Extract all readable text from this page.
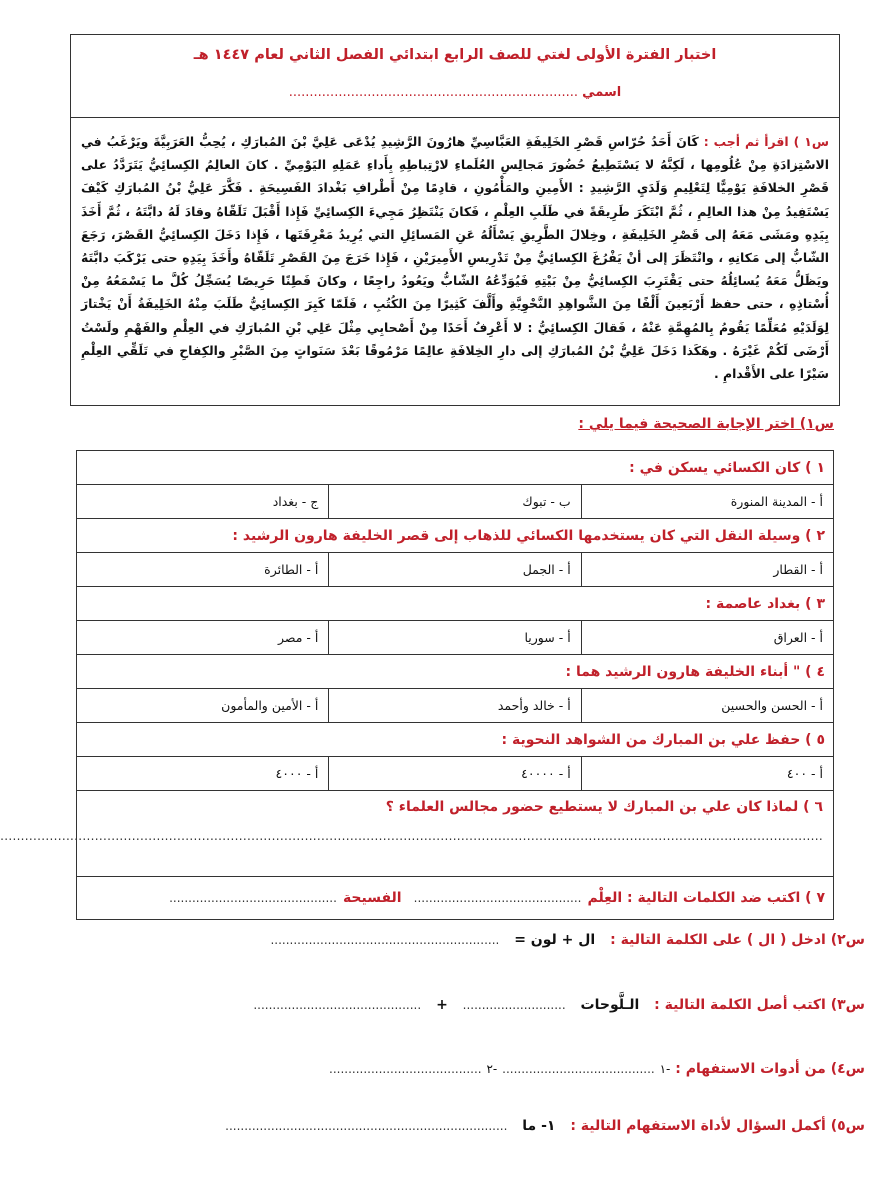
اختبار الفترة الأولى لغتي للصف الرابع ابتدائي الفصل الثاني لعام ١٤٤٧ هـ
اسمي ......................................................................

س١ ) اقرأ ثم أجب : كَانَ أَحَدُ حُرّاسِ قَصْرِ الخَلِيفَةِ العَبَّاسِيِّ هارُونَ الرَّشِيدِ يُدْعَى عَلِيَّ بْنَ المُبارَكِ ، يُحِبُّ العَرَبِيَّةَ ويَرْغَبُ في الاسْتِزادَةِ مِنْ عُلُومِها ، لَكِنَّهُ لا يَسْتَطِيعُ حُضُورَ مَجالِسِ العُلَماءِ لارْتِباطِهِ بِأَداءِ عَمَلِهِ اليَوْمِيِّ . كانَ العالِمُ الكِسائِيُّ يَتَرَدَّدُ على قَصْرِ الخلافَةِ يَوْمِيًّا لِتَعْلِيمِ وَلَدَيِ الرَّشِيدِ : الأَمِينِ والمَأْمُونِ ، قادِمًا مِنْ أَطْرافِ بَغْدادَ الفَسِيحَةِ . فَكَّرَ عَلِيُّ بْنُ المُبارَكِ كَيْفَ يَسْتَفِيدُ مِنْ هذا العالِمِ ، ثُمَّ ابْتَكَرَ طَرِيقَةً في طَلَبِ العِلْمِ ، فَكانَ يَنْتَظِرُ مَجِيءَ الكِسائِيِّ فَإِذا أَقْبَلَ تَلَقّاهُ وقادَ لَهُ دابَّتَهُ ، ثُمَّ أَخَذَ بِيَدِهِ ومَشَى مَعَهُ إلى قَصْرِ الخَلِيفَةِ ، وخِلالَ الطَّرِيقِ يَسْأَلُهُ عَنِ المَسائِلِ التي يُرِيدُ مَعْرِفَتَها ، فَإِذا دَخَلَ الكِسائِيُّ القَصْرَ، رَجَعَ الشّابُّ إلى مَكانِهِ ، وانْتَظَرَ إلى أنْ يَفْرُغَ الكِسائِيُّ مِنْ تَدْرِيسِ الأَمِيرَيْنِ ، فَإِذا خَرَجَ مِنَ القَصْرِ تَلَقّاهُ وأَخَذَ بِيَدِهِ حتى يَرْكَبَ دابَّتَهُ ويَظَلُّ مَعَهُ يُسائِلُهُ حتى يَقْتَرِبَ الكِسائِيُّ مِنْ بَيْتِهِ فَيُوَدِّعُهُ الشّابُّ ويَعُودُ راجِعًا ، وكانَ فَطِنًا حَرِيصًا يُسَجِّلُ كُلَّ ما يَسْمَعُهُ مِنْ أُسْتاذِهِ ، حتى حفظ أَرْبَعِينَ أَلْفًا مِنَ الشَّواهِدِ النَّحْوِيَّةِ وأَلَّفَ كَثِيرًا مِنَ الكُتُبِ ، فَلَمّا كَبِرَ الكِسائِيُّ طَلَبَ مِنْهُ الخَلِيفَةُ أَنْ يَخْتارَ لِوَلَدَيْهِ مُعَلِّمًا يَقُومُ بِالمُهِمَّةِ عَنْهُ ، فَقالَ الكِسائِيُّ : لا أَعْرِفُ أَحَدًا مِنْ أَصْحابِي مِثْلَ عَلِي بْنِ المُبارَكِ في العِلْمِ والفَهْمِ ولَسْتُ أَرْضَى لَكُمْ غَيْرَهُ . وهَكَذا دَخَلَ عَلِيُّ بْنُ المُبارَكِ إلى دارِ الخِلافَةِ عالِمًا مَرْمُوقًا بَعْدَ سَنَواتٍ مِنَ الصَّبْرِ والكِفاحِ في تَلَقِّي العِلْمِ سَيْرًا على الأَقْدامِ .

س١) اختر الإجابة الصحيحة فيما يلي :
١ ) كان الكسائي يسكن في :
أ - المدينة المنورة
ب - تبوك
ج - بغداد
٢ ) وسيلة النقل التي كان يستخدمها الكسائي للذهاب إلى قصر الخليفة هارون الرشيد :
أ - القطار
أ - الجمل
أ - الطائرة
٣ ) بغداد عاصمة :
أ - العراق
أ - سوريا
أ - مصر
٤ ) " أبناء الخليفة هارون الرشيد هما :
أ - الحسن والحسين
أ - خالد وأحمد
أ - الأمين والمأمون
٥ ) حفظ علي بن المبارك من الشواهد النحوية :
أ - ٤٠٠
أ - ٤٠٠٠٠
أ - ٤٠٠٠
٦ ) لماذا كان علي بن المبارك لا يستطيع حضور مجالس العلماء ؟
........................................................................................................................................................................................................
٧ ) اكتب ضد الكلمات التالية : العِلْم
............................................
الفسيحة
............................................
س٢) ادخل ( ال ) على الكلمة التالية : ال + لون = ............................................................
س٣) اكتب أصل الكلمة التالية : الـلَّوحات ........................... + ............................................
س٤) من أدوات الاستفهام : -١ ........................................ -٢ ........................................
س٥) أكمل السؤال لأداة الاستفهام التالية : ١- ما ..........................................................................
